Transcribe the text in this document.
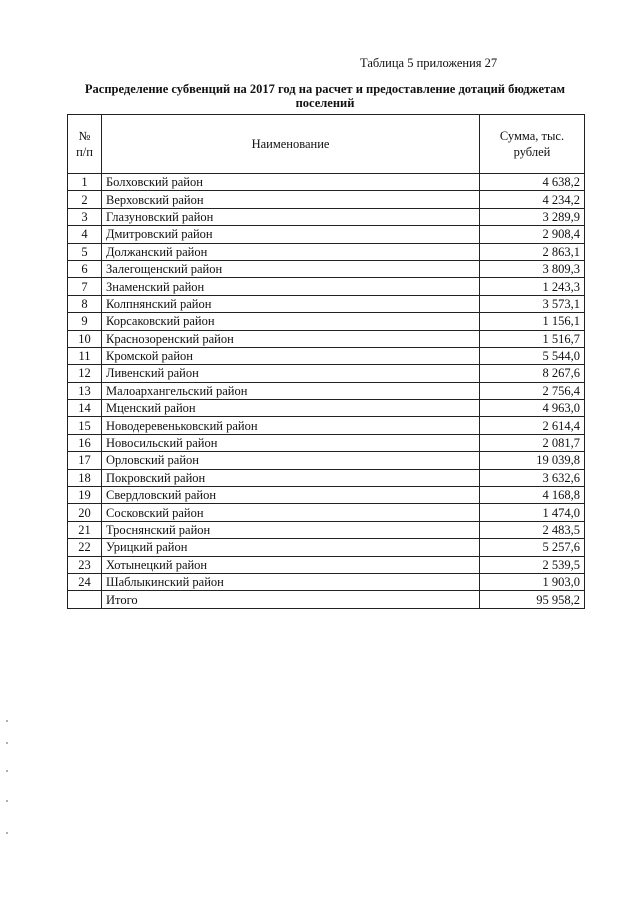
Таблица 5 приложения 27
Распределение субвенций на 2017 год на расчет и предоставление дотаций бюджетам поселений
№ п/п	Наименование	Сумма, тыс. рублей
1	Болховский район	4 638,2
2	Верховский район	4 234,2
3	Глазуновский район	3 289,9
4	Дмитровский район	2 908,4
5	Должанский район	2 863,1
6	Залегощенский район	3 809,3
7	Знаменский район	1 243,3
8	Колпнянский район	3 573,1
9	Корсаковский район	1 156,1
10	Краснозоренский район	1 516,7
11	Кромской район	5 544,0
12	Ливенский район	8 267,6
13	Малоархангельский район	2 756,4
14	Мценский район	4 963,0
15	Новодеревеньковский район	2 614,4
16	Новосильский район	2 081,7
17	Орловский район	19 039,8
18	Покровский район	3 632,6
19	Свердловский район	4 168,8
20	Сосковский район	1 474,0
21	Троснянский район	2 483,5
22	Урицкий район	5 257,6
23	Хотынецкий район	2 539,5
24	Шаблыкинский район	1 903,0
	Итого	95 958,2
